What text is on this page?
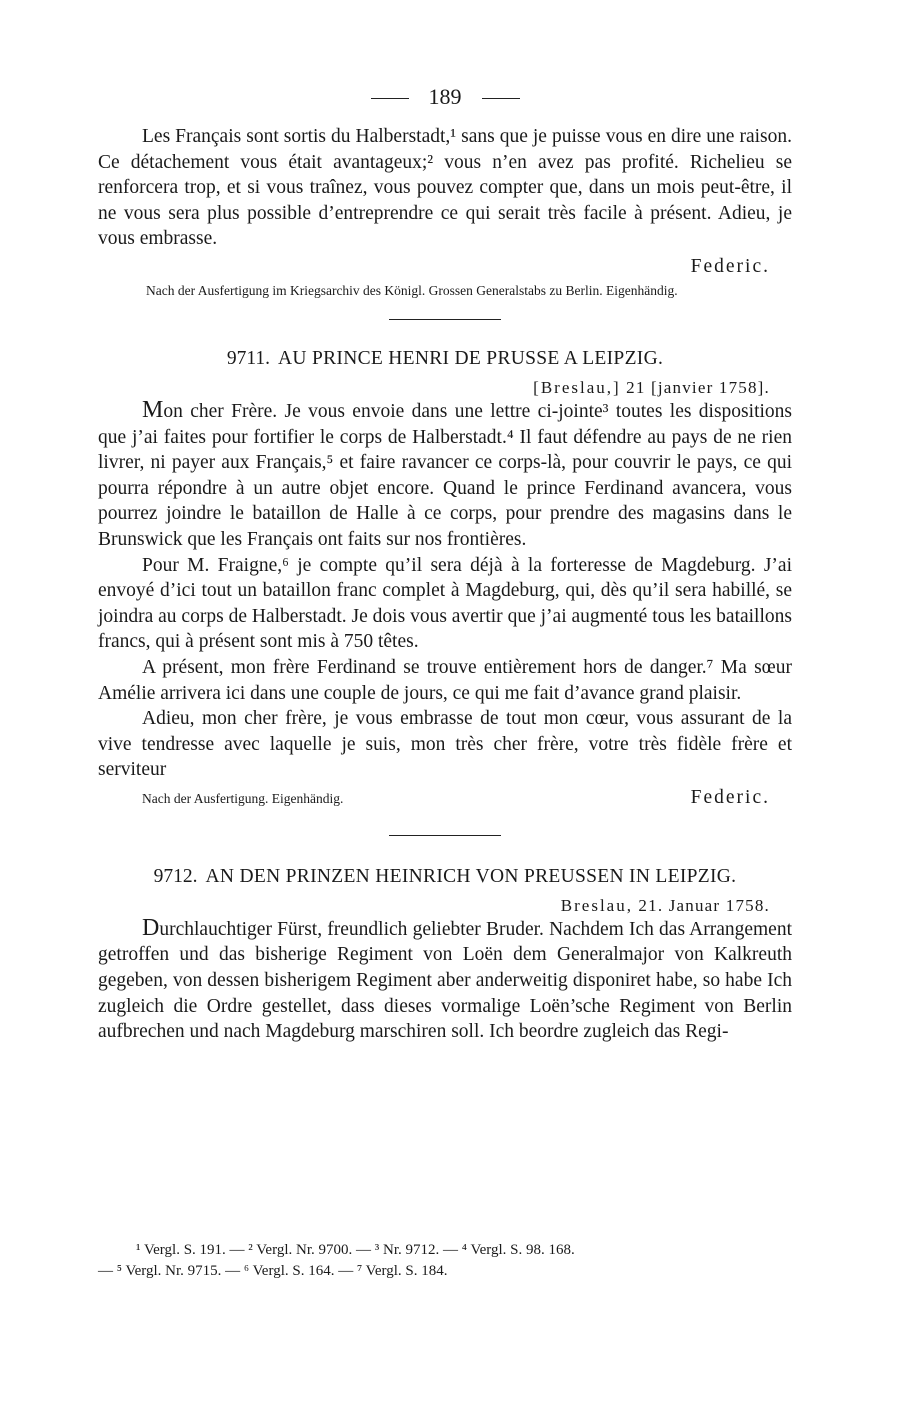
189

Les Français sont sortis du Halberstadt,¹ sans que je puisse vous en dire une raison. Ce détachement vous était avantageux;² vous n’en avez pas profité. Richelieu se renforcera trop, et si vous traînez, vous pouvez compter que, dans un mois peut-être, il ne vous sera plus possible d’entreprendre ce qui serait très facile à présent. Adieu, je vous embrasse.

Federic.

Nach der Ausfertigung im Kriegsarchiv des Königl. Grossen Generalstabs zu Berlin. Eigenhändig.

9711. AU PRINCE HENRI DE PRUSSE A LEIPZIG.
[Breslau,] 21 [janvier 1758].

Mon cher Frère. Je vous envoie dans une lettre ci-jointe³ toutes les dispositions que j’ai faites pour fortifier le corps de Halberstadt.⁴ Il faut défendre au pays de ne rien livrer, ni payer aux Français,⁵ et faire ravancer ce corps-là, pour couvrir le pays, ce qui pourra répondre à un autre objet encore. Quand le prince Ferdinand avancera, vous pourrez joindre le bataillon de Halle à ce corps, pour prendre des magasins dans le Brunswick que les Français ont faits sur nos frontières.

Pour M. Fraigne,⁶ je compte qu’il sera déjà à la forteresse de Magdeburg. J’ai envoyé d’ici tout un bataillon franc complet à Magdeburg, qui, dès qu’il sera habillé, se joindra au corps de Halberstadt. Je dois vous avertir que j’ai augmenté tous les bataillons francs, qui à présent sont mis à 750 têtes.

A présent, mon frère Ferdinand se trouve entièrement hors de danger.⁷ Ma sœur Amélie arrivera ici dans une couple de jours, ce qui me fait d’avance grand plaisir.

Adieu, mon cher frère, je vous embrasse de tout mon cœur, vous assurant de la vive tendresse avec laquelle je suis, mon très cher frère, votre très fidèle frère et serviteur

Nach der Ausfertigung. Eigenhändig.	Federic.
9712. AN DEN PRINZEN HEINRICH VON PREUSSEN IN LEIPZIG.
Breslau, 21. Januar 1758.

Durchlauchtiger Fürst, freundlich geliebter Bruder. Nachdem Ich das Arrangement getroffen und das bisherige Regiment von Loën dem Generalmajor von Kalkreuth gegeben, von dessen bisherigem Regiment aber anderweitig disponiret habe, so habe Ich zugleich die Ordre gestellet, dass dieses vormalige Loën’sche Regiment von Berlin aufbrechen und nach Magdeburg marschiren soll. Ich beordre zugleich das Regi-

¹ Vergl. S. 191. — ² Vergl. Nr. 9700. — ³ Nr. 9712. — ⁴ Vergl. S. 98. 168.

— ⁵ Vergl. Nr. 9715. — ⁶ Vergl. S. 164. — ⁷ Vergl. S. 184.
